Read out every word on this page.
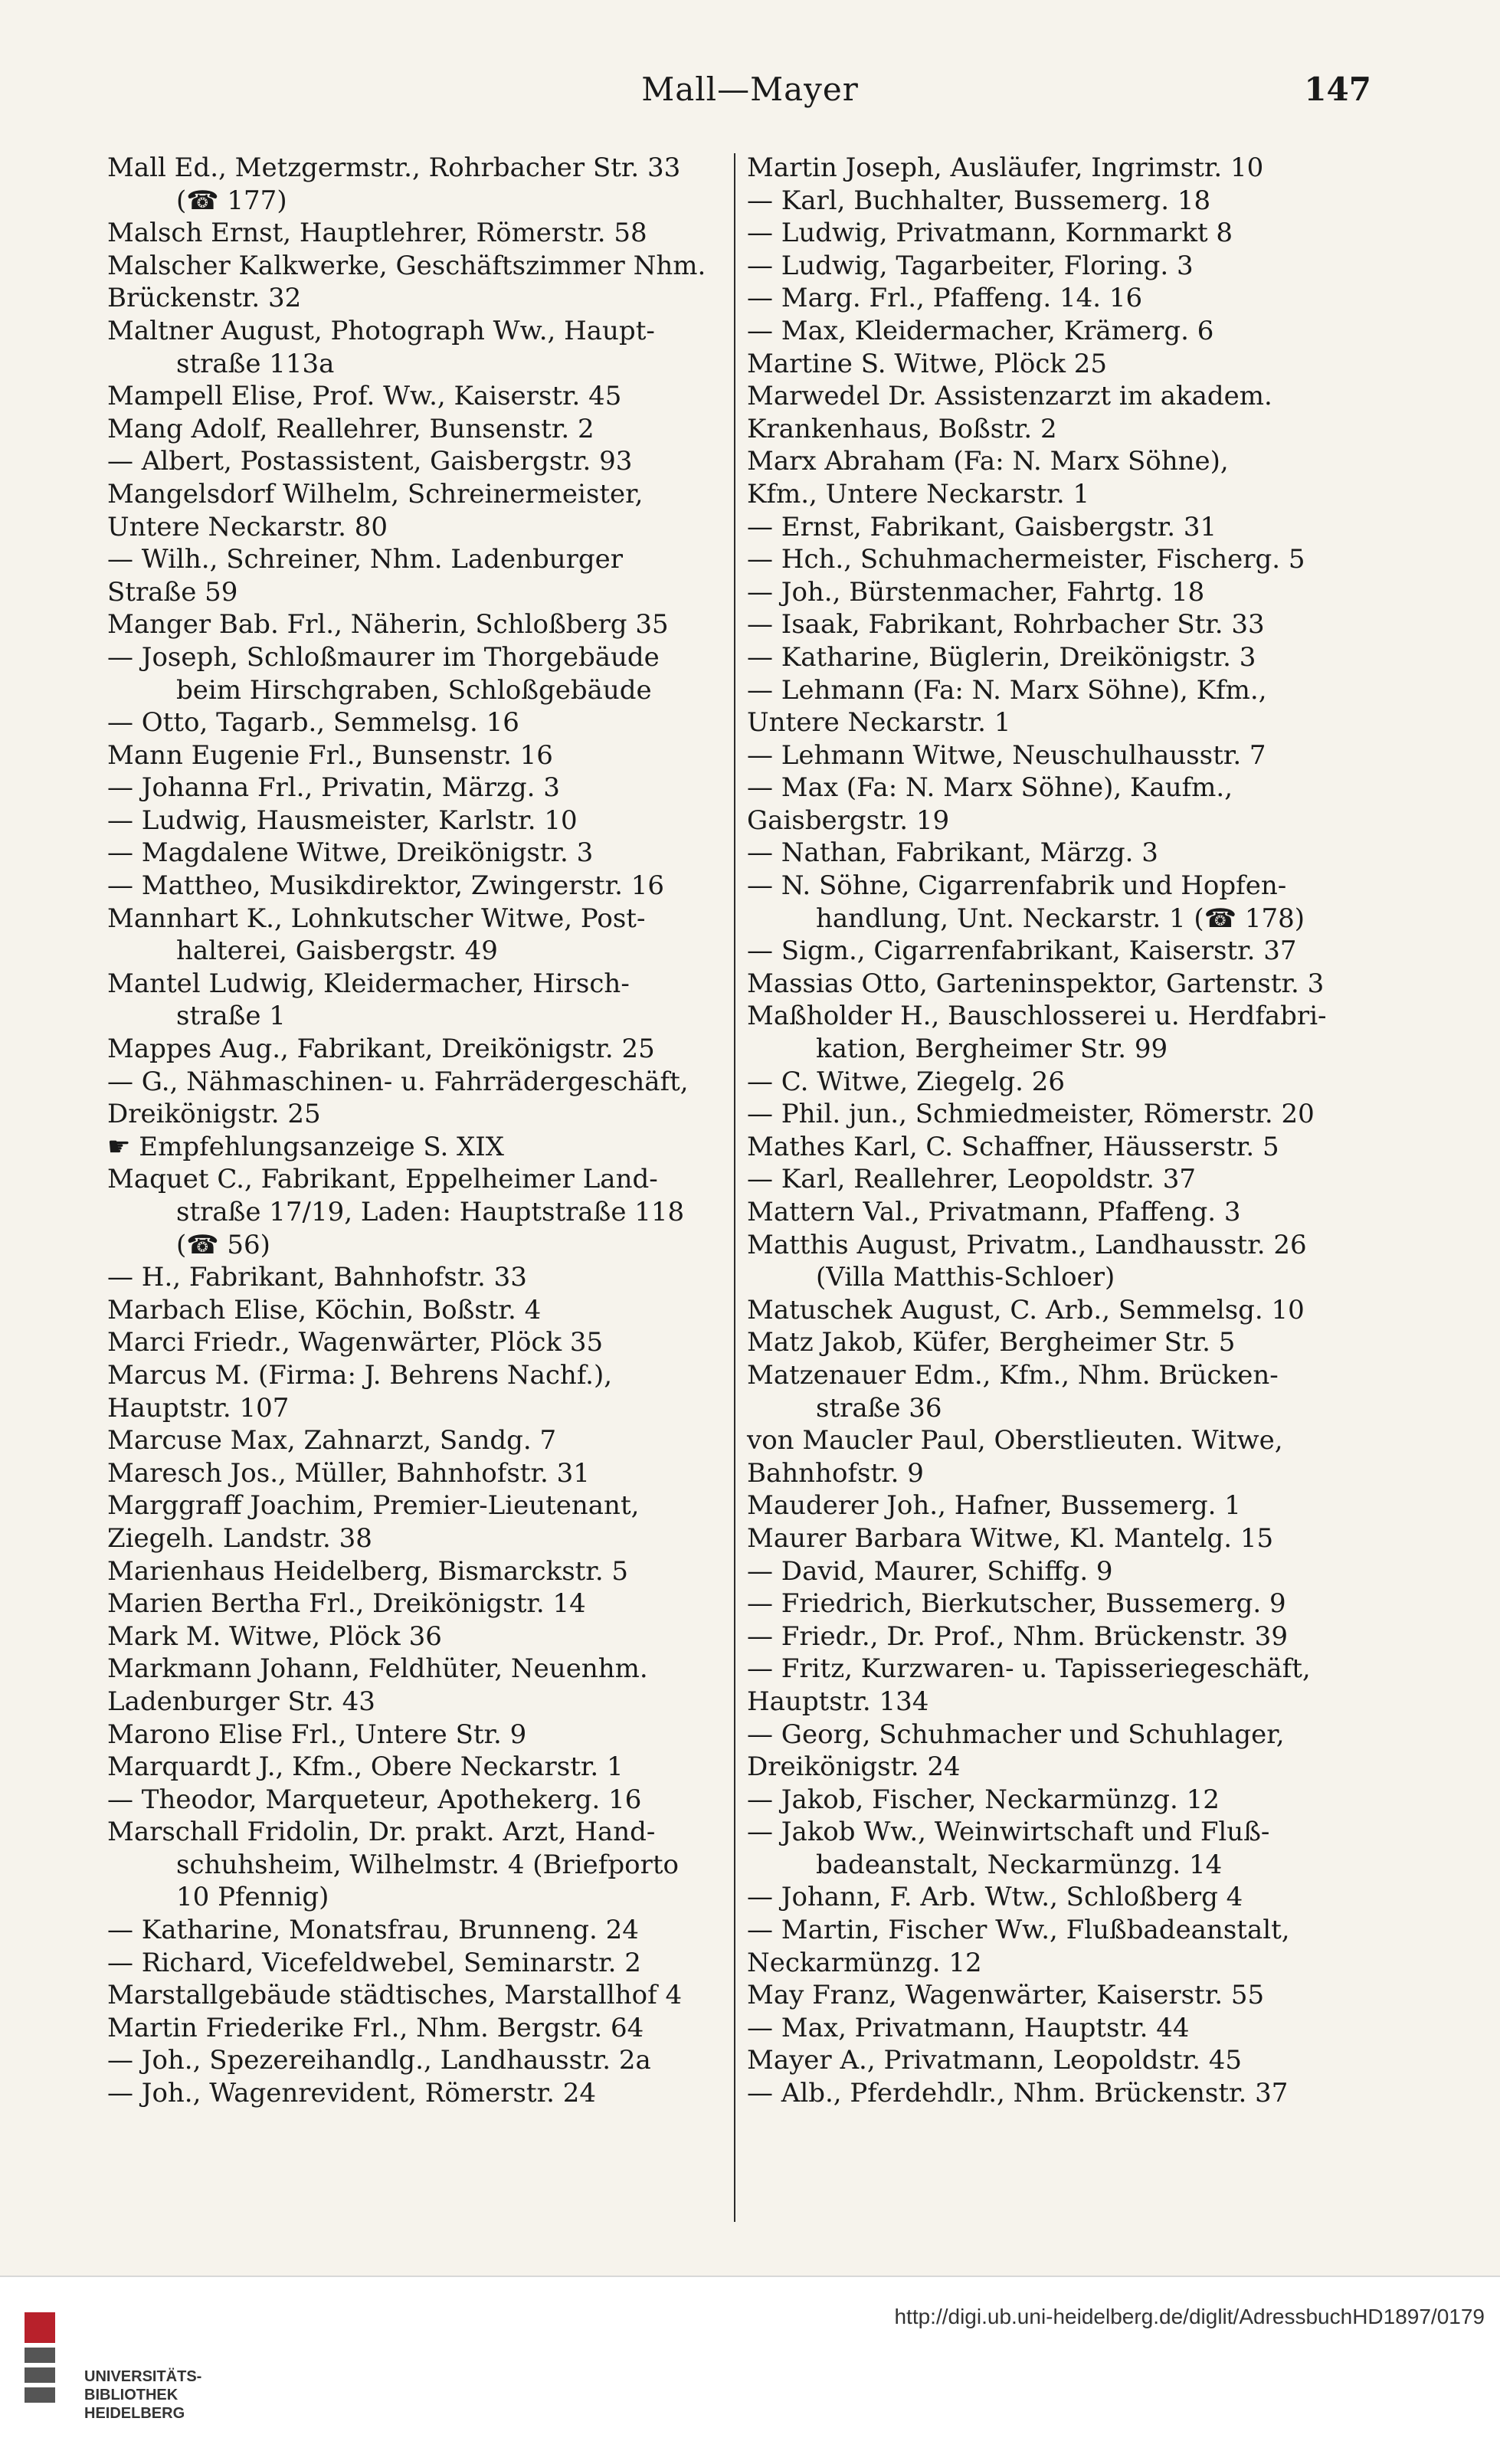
Mall—Mayer	147
Mall Ed., Metzgermstr., Rohrbacher Str. 33
(☎ 177)
Malsch Ernst, Hauptlehrer, Römerstr. 58
Malscher Kalkwerke, Geschäftszimmer Nhm.
Brückenstr. 32
Maltner August, Photograph Ww., Haupt-
straße 113a
Mampell Elise, Prof. Ww., Kaiserstr. 45
Mang Adolf, Reallehrer, Bunsenstr. 2
— Albert, Postassistent, Gaisbergstr. 93
Mangelsdorf Wilhelm, Schreinermeister,
Untere Neckarstr. 80
— Wilh., Schreiner, Nhm. Ladenburger
Straße 59
Manger Bab. Frl., Näherin, Schloßberg 35
— Joseph, Schloßmaurer im Thorgebäude
beim Hirschgraben, Schloßgebäude
— Otto, Tagarb., Semmelsg. 16
Mann Eugenie Frl., Bunsenstr. 16
— Johanna Frl., Privatin, Märzg. 3
— Ludwig, Hausmeister, Karlstr. 10
— Magdalene Witwe, Dreikönigstr. 3
— Mattheo, Musikdirektor, Zwingerstr. 16
Mannhart K., Lohnkutscher Witwe, Post-
halterei, Gaisbergstr. 49
Mantel Ludwig, Kleidermacher, Hirsch-
straße 1
Mappes Aug., Fabrikant, Dreikönigstr. 25
— G., Nähmaschinen- u. Fahrrädergeschäft,
Dreikönigstr. 25
☛ Empfehlungsanzeige S. XIX
Maquet C., Fabrikant, Eppelheimer Land-
straße 17/19, Laden: Hauptstraße 118
(☎ 56)
— H., Fabrikant, Bahnhofstr. 33
Marbach Elise, Köchin, Boßstr. 4
Marci Friedr., Wagenwärter, Plöck 35
Marcus M. (Firma: J. Behrens Nachf.),
Hauptstr. 107
Marcuse Max, Zahnarzt, Sandg. 7
Maresch Jos., Müller, Bahnhofstr. 31
Marggraff Joachim, Premier-Lieutenant,
Ziegelh. Landstr. 38
Marienhaus Heidelberg, Bismarckstr. 5
Marien Bertha Frl., Dreikönigstr. 14
Mark M. Witwe, Plöck 36
Markmann Johann, Feldhüter, Neuenhm.
Ladenburger Str. 43
Marono Elise Frl., Untere Str. 9
Marquardt J., Kfm., Obere Neckarstr. 1
— Theodor, Marqueteur, Apothekerg. 16
Marschall Fridolin, Dr. prakt. Arzt, Hand-
schuhsheim, Wilhelmstr. 4 (Briefporto
10 Pfennig)
— Katharine, Monatsfrau, Brunneng. 24
— Richard, Vicefeldwebel, Seminarstr. 2
Marstallgebäude städtisches, Marstallhof 4
Martin Friederike Frl., Nhm. Bergstr. 64
— Joh., Spezereihandlg., Landhausstr. 2a
— Joh., Wagenrevident, Römerstr. 24
Martin Joseph, Ausläufer, Ingrimstr. 10
— Karl, Buchhalter, Bussemerg. 18
— Ludwig, Privatmann, Kornmarkt 8
— Ludwig, Tagarbeiter, Floring. 3
— Marg. Frl., Pfaffeng. 14. 16
— Max, Kleidermacher, Krämerg. 6
Martine S. Witwe, Plöck 25
Marwedel Dr. Assistenzarzt im akadem.
Krankenhaus, Boßstr. 2
Marx Abraham (Fa: N. Marx Söhne),
Kfm., Untere Neckarstr. 1
— Ernst, Fabrikant, Gaisbergstr. 31
— Hch., Schuhmachermeister, Fischerg. 5
— Joh., Bürstenmacher, Fahrtg. 18
— Isaak, Fabrikant, Rohrbacher Str. 33
— Katharine, Büglerin, Dreikönigstr. 3
— Lehmann (Fa: N. Marx Söhne), Kfm.,
Untere Neckarstr. 1
— Lehmann Witwe, Neuschulhausstr. 7
— Max (Fa: N. Marx Söhne), Kaufm.,
Gaisbergstr. 19
— Nathan, Fabrikant, Märzg. 3
— N. Söhne, Cigarrenfabrik und Hopfen-
handlung, Unt. Neckarstr. 1 (☎ 178)
— Sigm., Cigarrenfabrikant, Kaiserstr. 37
Massias Otto, Garteninspektor, Gartenstr. 3
Maßholder H., Bauschlosserei u. Herdfabri-
kation, Bergheimer Str. 99
— C. Witwe, Ziegelg. 26
— Phil. jun., Schmiedmeister, Römerstr. 20
Mathes Karl, C. Schaffner, Häusserstr. 5
— Karl, Reallehrer, Leopoldstr. 37
Mattern Val., Privatmann, Pfaffeng. 3
Matthis August, Privatm., Landhausstr. 26
(Villa Matthis-Schloer)
Matuschek August, C. Arb., Semmelsg. 10
Matz Jakob, Küfer, Bergheimer Str. 5
Matzenauer Edm., Kfm., Nhm. Brücken-
straße 36
von Maucler Paul, Oberstlieuten. Witwe,
Bahnhofstr. 9
Mauderer Joh., Hafner, Bussemerg. 1
Maurer Barbara Witwe, Kl. Mantelg. 15
— David, Maurer, Schiffg. 9
— Friedrich, Bierkutscher, Bussemerg. 9
— Friedr., Dr. Prof., Nhm. Brückenstr. 39
— Fritz, Kurzwaren- u. Tapisseriegeschäft,
Hauptstr. 134
— Georg, Schuhmacher und Schuhlager,
Dreikönigstr. 24
— Jakob, Fischer, Neckarmünzg. 12
— Jakob Ww., Weinwirtschaft und Fluß-
badeanstalt, Neckarmünzg. 14
— Johann, F. Arb. Wtw., Schloßberg 4
— Martin, Fischer Ww., Flußbadeanstalt,
Neckarmünzg. 12
May Franz, Wagenwärter, Kaiserstr. 55
— Max, Privatmann, Hauptstr. 44
Mayer A., Privatmann, Leopoldstr. 45
— Alb., Pferdehdlr., Nhm. Brückenstr. 37
UNIVERSITÄTS-
BIBLIOTHEK
HEIDELBERG
http://digi.ub.uni-heidelberg.de/diglit/AdressbuchHD1897/0179
